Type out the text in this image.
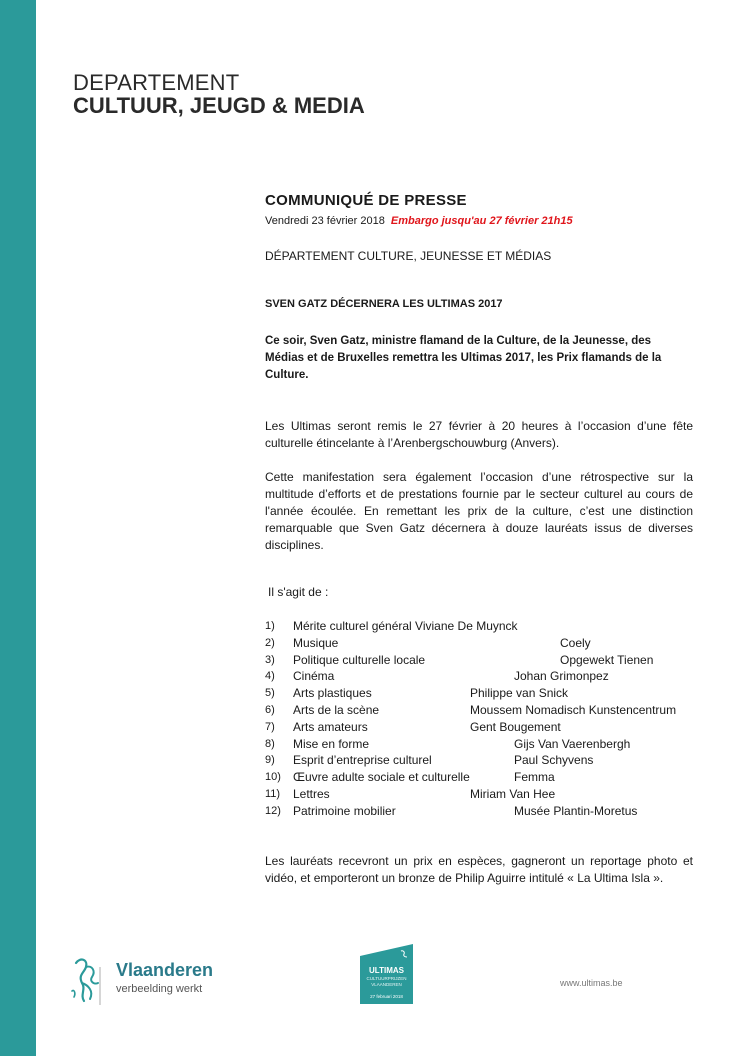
DEPARTEMENT
CULTUUR, JEUGD & MEDIA
COMMUNIQUÉ DE PRESSE
Vendredi 23 février 2018 Embargo jusqu'au 27 février 21h15
DÉPARTEMENT CULTURE, JEUNESSE ET MÉDIAS
SVEN GATZ DÉCERNERA LES ULTIMAS 2017
Ce soir, Sven Gatz, ministre flamand de la Culture, de la Jeunesse, des Médias et de Bruxelles remettra les Ultimas 2017, les Prix flamands de la Culture.
Les Ultimas seront remis le 27 février à 20 heures à l’occasion d’une fête culturelle étincelante à l’Arenbergschouwburg (Anvers).
Cette manifestation sera également l’occasion d’une rétrospective sur la multitude d’efforts et de prestations fournie par le secteur culturel au cours de l'année écoulée. En remettant les prix de la culture, c’est une distinction remarquable que Sven Gatz décernera à douze lauréats issus de diverses disciplines.
Il s'agit de :
1) Mérite culturel général Viviane De Muynck
2) Musique	Coely
3) Politique culturelle locale	Opgewekt Tienen
4) Cinéma	Johan Grimonpez
5) Arts plastiques	Philippe van Snick
6) Arts de la scène	Moussem Nomadisch Kunstencentrum
7) Arts amateurs	Gent Bougement
8) Mise en forme	Gijs Van Vaerenbergh
9) Esprit d’entreprise culturel	Paul Schyvens
10) Œuvre adulte sociale et culturelle	Femma
11) Lettres	Miriam Van Hee
12) Patrimoine mobilier	Musée Plantin-Moretus
Les lauréats recevront un prix en espèces, gagneront un reportage photo et vidéo, et emporteront un bronze de Philip Aguirre intitulé « La Ultima Isla ».
Vlaanderen
verbeelding werkt
ULTIMAS
CULTUURPRIJZEN
VLAANDEREN
27 februari 2018
www.ultimas.be
